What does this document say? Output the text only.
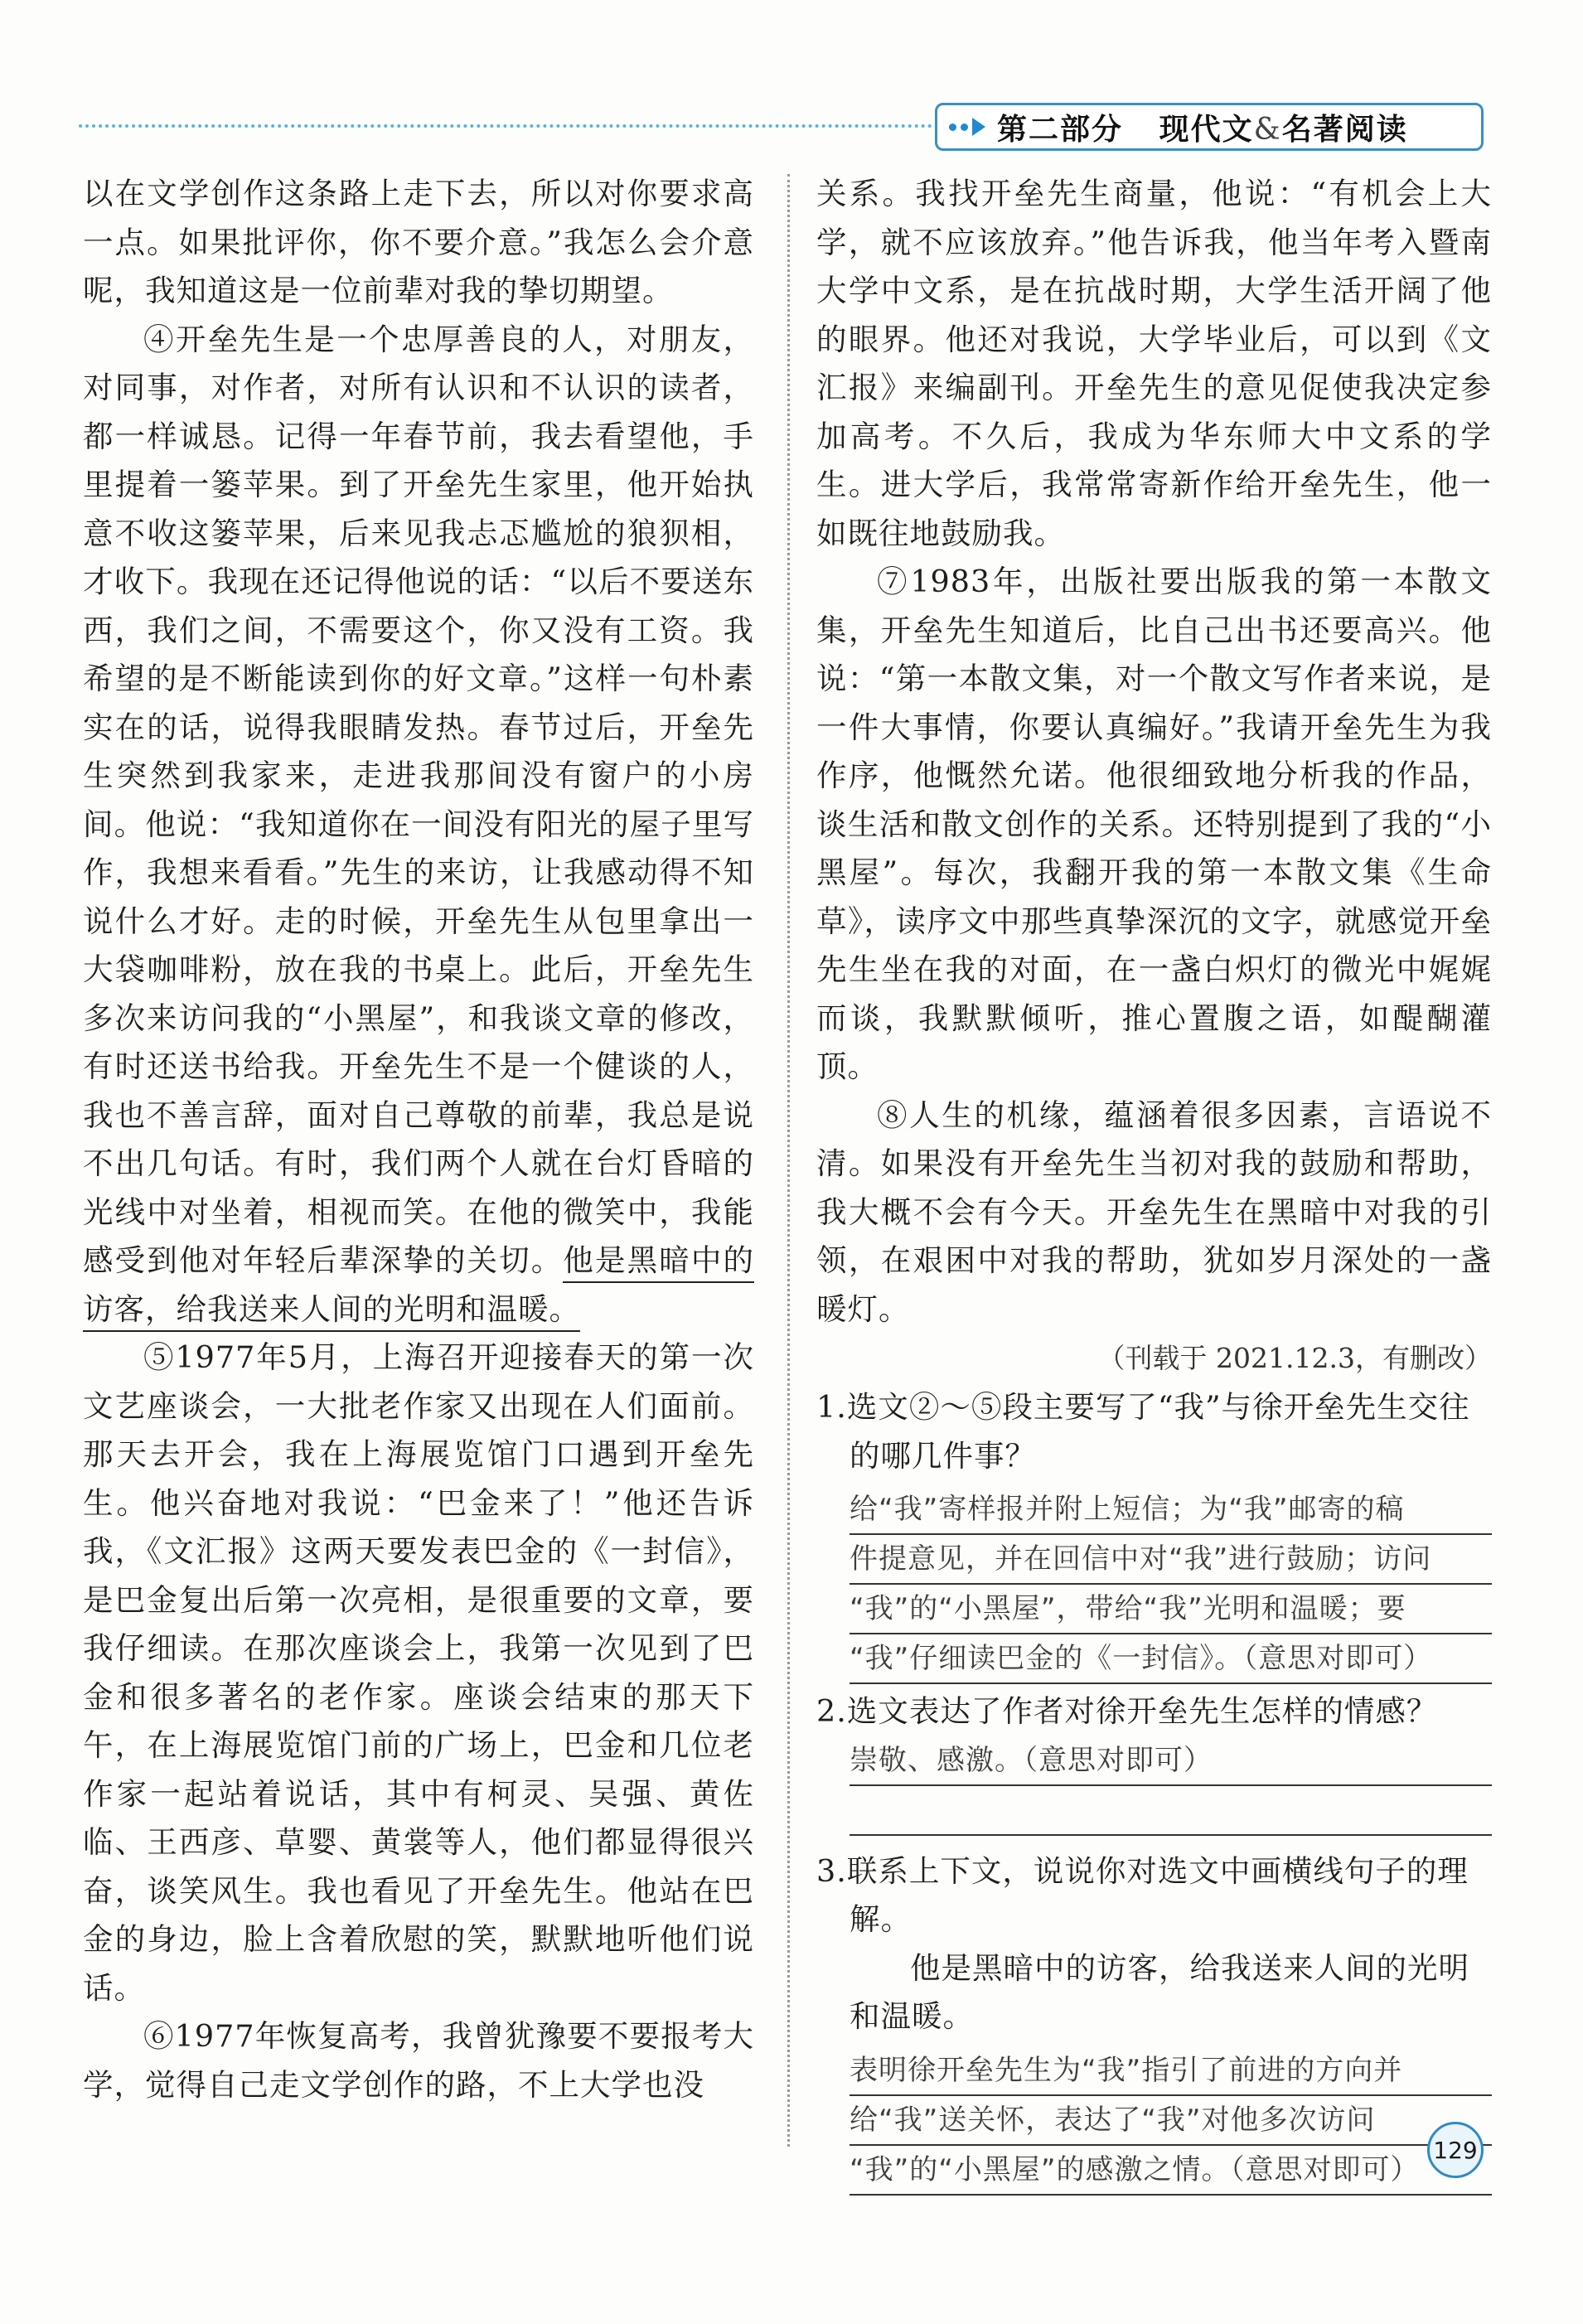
第二部分 现代文&名著阅读

以在文学创作这条路上走下去，所以对你要求高一点。如果批评你，你不要介意。”我怎么会介意呢，我知道这是一位前辈对我的挚切期望。

④开垒先生是一个忠厚善良的人，对朋友，对同事，对作者，对所有认识和不认识的读者，都一样诚恳。记得一年春节前，我去看望他，手里提着一篓苹果。到了开垒先生家里，他开始执意不收这篓苹果，后来见我忐忑尴尬的狼狈相，才收下。我现在还记得他说的话：“以后不要送东西，我们之间，不需要这个，你又没有工资。我希望的是不断能读到你的好文章。”这样一句朴素实在的话，说得我眼睛发热。春节过后，开垒先生突然到我家来，走进我那间没有窗户的小房间。他说：“我知道你在一间没有阳光的屋子里写作，我想来看看。”先生的来访，让我感动得不知说什么才好。走的时候，开垒先生从包里拿出一大袋咖啡粉，放在我的书桌上。此后，开垒先生多次来访问我的“小黑屋”，和我谈文章的修改，有时还送书给我。开垒先生不是一个健谈的人，我也不善言辞，面对自己尊敬的前辈，我总是说不出几句话。有时，我们两个人就在台灯昏暗的光线中对坐着，相视而笑。在他的微笑中，我能感受到他对年轻后辈深挚的关切。他是黑暗中的访客，给我送来人间的光明和温暖。

⑤1977年5月，上海召开迎接春天的第一次文艺座谈会，一大批老作家又出现在人们面前。那天去开会，我在上海展览馆门口遇到开垒先生。他兴奋地对我说：“巴金来了！”他还告诉我，《文汇报》这两天要发表巴金的《一封信》，是巴金复出后第一次亮相，是很重要的文章，要我仔细读。在那次座谈会上，我第一次见到了巴金和很多著名的老作家。座谈会结束的那天下午，在上海展览馆门前的广场上，巴金和几位老作家一起站着说话，其中有柯灵、吴强、黄佐临、王西彦、草婴、黄裳等人，他们都显得很兴奋，谈笑风生。我也看见了开垒先生。他站在巴金的身边，脸上含着欣慰的笑，默默地听他们说话。

⑥1977年恢复高考，我曾犹豫要不要报考大学，觉得自己走文学创作的路，不上大学也没

关系。我找开垒先生商量，他说：“有机会上大学，就不应该放弃。”他告诉我，他当年考入暨南大学中文系，是在抗战时期，大学生活开阔了他的眼界。他还对我说，大学毕业后，可以到《文汇报》来编副刊。开垒先生的意见促使我决定参加高考。不久后，我成为华东师大中文系的学生。进大学后，我常常寄新作给开垒先生，他一如既往地鼓励我。

⑦1983年，出版社要出版我的第一本散文集，开垒先生知道后，比自己出书还要高兴。他说：“第一本散文集，对一个散文写作者来说，是一件大事情，你要认真编好。”我请开垒先生为我作序，他慨然允诺。他很细致地分析我的作品，谈生活和散文创作的关系。还特别提到了我的“小黑屋”。每次，我翻开我的第一本散文集《生命草》，读序文中那些真挚深沉的文字，就感觉开垒先生坐在我的对面，在一盏白炽灯的微光中娓娓而谈，我默默倾听，推心置腹之语，如醍醐灌顶。

⑧人生的机缘，蕴涵着很多因素，言语说不清。如果没有开垒先生当初对我的鼓励和帮助，我大概不会有今天。开垒先生在黑暗中对我的引领，在艰困中对我的帮助，犹如岁月深处的一盏暖灯。

（刊载于 2021.12.3，有删改）

1.选文②～⑤段主要写了“我”与徐开垒先生交往的哪几件事？

给“我”寄样报并附上短信；为“我”邮寄的稿

件提意见，并在回信中对“我”进行鼓励；访问

“我”的“小黑屋”，带给“我”光明和温暖；要

“我”仔细读巴金的《一封信》。（意思对即可）

2.选文表达了作者对徐开垒先生怎样的情感？

崇敬、感激。（意思对即可）

3.联系上下文，说说你对选文中画横线句子的理解。

他是黑暗中的访客，给我送来人间的光明和温暖。

表明徐开垒先生为“我”指引了前进的方向并

给“我”送关怀，表达了“我”对他多次访问

“我”的“小黑屋”的感激之情。（意思对即可）

129
